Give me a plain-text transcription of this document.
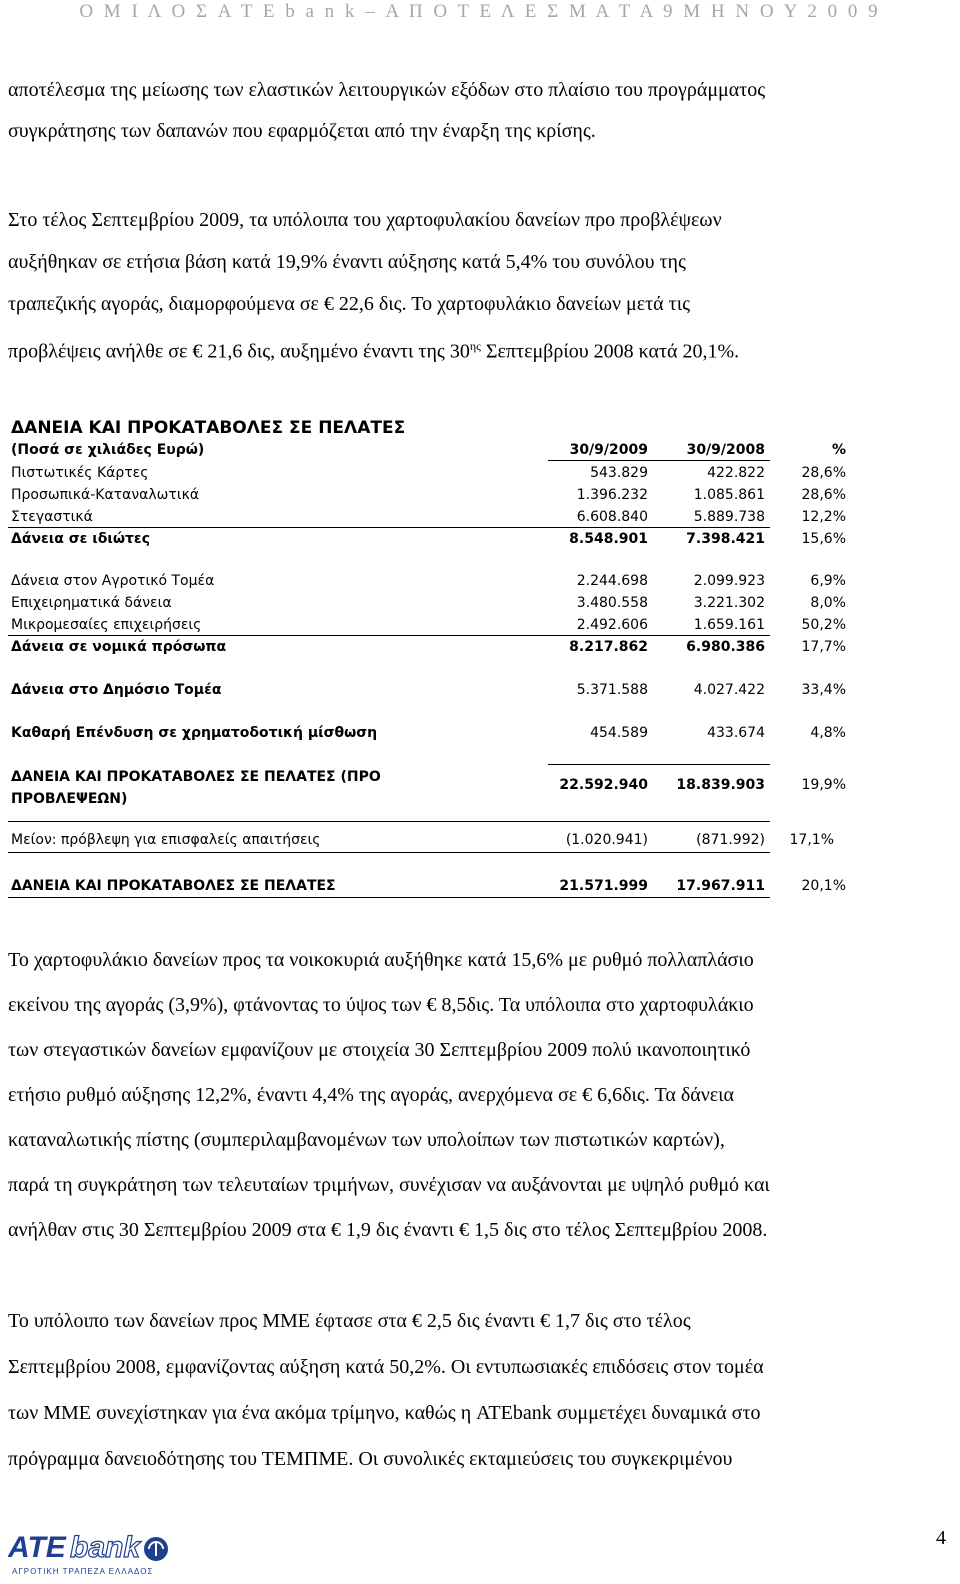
Ο Μ Ι Λ Ο Σ A T E b a n k – Α Π Ο Τ Ε Λ Ε Σ Μ Α Τ Α 9 Μ Η Ν Ο Υ 2 0 0 9
αποτέλεσμα της μείωσης των ελαστικών λειτουργικών εξόδων στο πλαίσιο του προγράμματος
συγκράτησης των δαπανών που εφαρμόζεται από την έναρξη της κρίσης.
Στο τέλος Σεπτεμβρίου 2009, τα υπόλοιπα του χαρτοφυλακίου δανείων προ προβλέψεων
αυξήθηκαν σε ετήσια βάση κατά 19,9% έναντι αύξησης κατά 5,4% του συνόλου της
τραπεζικής αγοράς, διαμορφούμενα σε € 22,6 δις. Το χαρτοφυλάκιο δανείων μετά τις
προβλέψεις ανήλθε σε € 21,6 δις, αυξημένο έναντι της $30^{\eta\varsigma}$ Σεπτεμβρίου 2008 κατά 20,1%.
ΔΑΝΕΙΑ ΚΑΙ ΠΡΟΚΑΤΑΒΟΛΕΣ ΣΕ ΠΕΛΑΤΕΣ
(Ποσά σε χιλιάδες Ευρώ)	30/9/2009	30/9/2008	%
Πιστωτικές Κάρτες	543.829	422.822	28,6%
Προσωπικά-Καταναλωτικά	1.396.232	1.085.861	28,6%
Στεγαστικά	6.608.840	5.889.738	12,2%
Δάνεια σε ιδιώτες	8.548.901	7.398.421	15,6%
Δάνεια στον Αγροτικό Τομέα	2.244.698	2.099.923	6,9%
Επιχειρηματικά δάνεια	3.480.558	3.221.302	8,0%
Μικρομεσαίες επιχειρήσεις	2.492.606	1.659.161	50,2%
Δάνεια σε νομικά πρόσωπα	8.217.862	6.980.386	17,7%
Δάνεια στο Δημόσιο Τομέα	5.371.588	4.027.422	33,4%
Καθαρή Επένδυση σε χρηματοδοτική μίσθωση	454.589	433.674	4,8%
ΔΑΝΕΙΑ ΚΑΙ ΠΡΟΚΑΤΑΒΟΛΕΣ ΣΕ ΠΕΛΑΤΕΣ (ΠΡΟ
ΠΡΟΒΛΕΨΕΩΝ)
22.592.940	18.839.903	19,9%
Μείον: πρόβλεψη για επισφαλείς απαιτήσεις	(1.020.941)	(871.992)	17,1%
ΔΑΝΕΙΑ ΚΑΙ ΠΡΟΚΑΤΑΒΟΛΕΣ ΣΕ ΠΕΛΑΤΕΣ	21.571.999	17.967.911	20,1%
Το χαρτοφυλάκιο δανείων προς τα νοικοκυριά αυξήθηκε κατά 15,6% με ρυθμό πολλαπλάσιο
εκείνου της αγοράς (3,9%), φτάνοντας το ύψος των € 8,5δις. Τα υπόλοιπα στο χαρτοφυλάκιο
των στεγαστικών δανείων εμφανίζουν με στοιχεία 30 Σεπτεμβρίου 2009 πολύ ικανοποιητικό
ετήσιο ρυθμό αύξησης 12,2%, έναντι 4,4% της αγοράς, ανερχόμενα σε € 6,6δις. Τα δάνεια
καταναλωτικής πίστης (συμπεριλαμβανομένων των υπολοίπων των πιστωτικών καρτών),
παρά τη συγκράτηση των τελευταίων τριμήνων, συνέχισαν να αυξάνονται με υψηλό ρυθμό και
ανήλθαν στις 30 Σεπτεμβρίου 2009 στα € 1,9 δις έναντι € 1,5 δις στο τέλος Σεπτεμβρίου 2008.
Το υπόλοιπο των δανείων προς ΜΜΕ έφτασε στα € 2,5 δις έναντι € 1,7 δις στο τέλος
Σεπτεμβρίου 2008, εμφανίζοντας αύξηση κατά 50,2%. Οι εντυπωσιακές επιδόσεις στον τομέα
των ΜΜΕ συνεχίστηκαν για ένα ακόμα τρίμηνο, καθώς η ATEbank συμμετέχει δυναμικά στο
πρόγραμμα δανειοδότησης του ΤΕΜΠΜΕ. Οι συνολικές εκταμιεύσεις του συγκεκριμένου
ATE bank
ΑΓΡΟΤΙΚΗ ΤΡΑΠΕΖΑ ΕΛΛΑΔΟΣ
4
